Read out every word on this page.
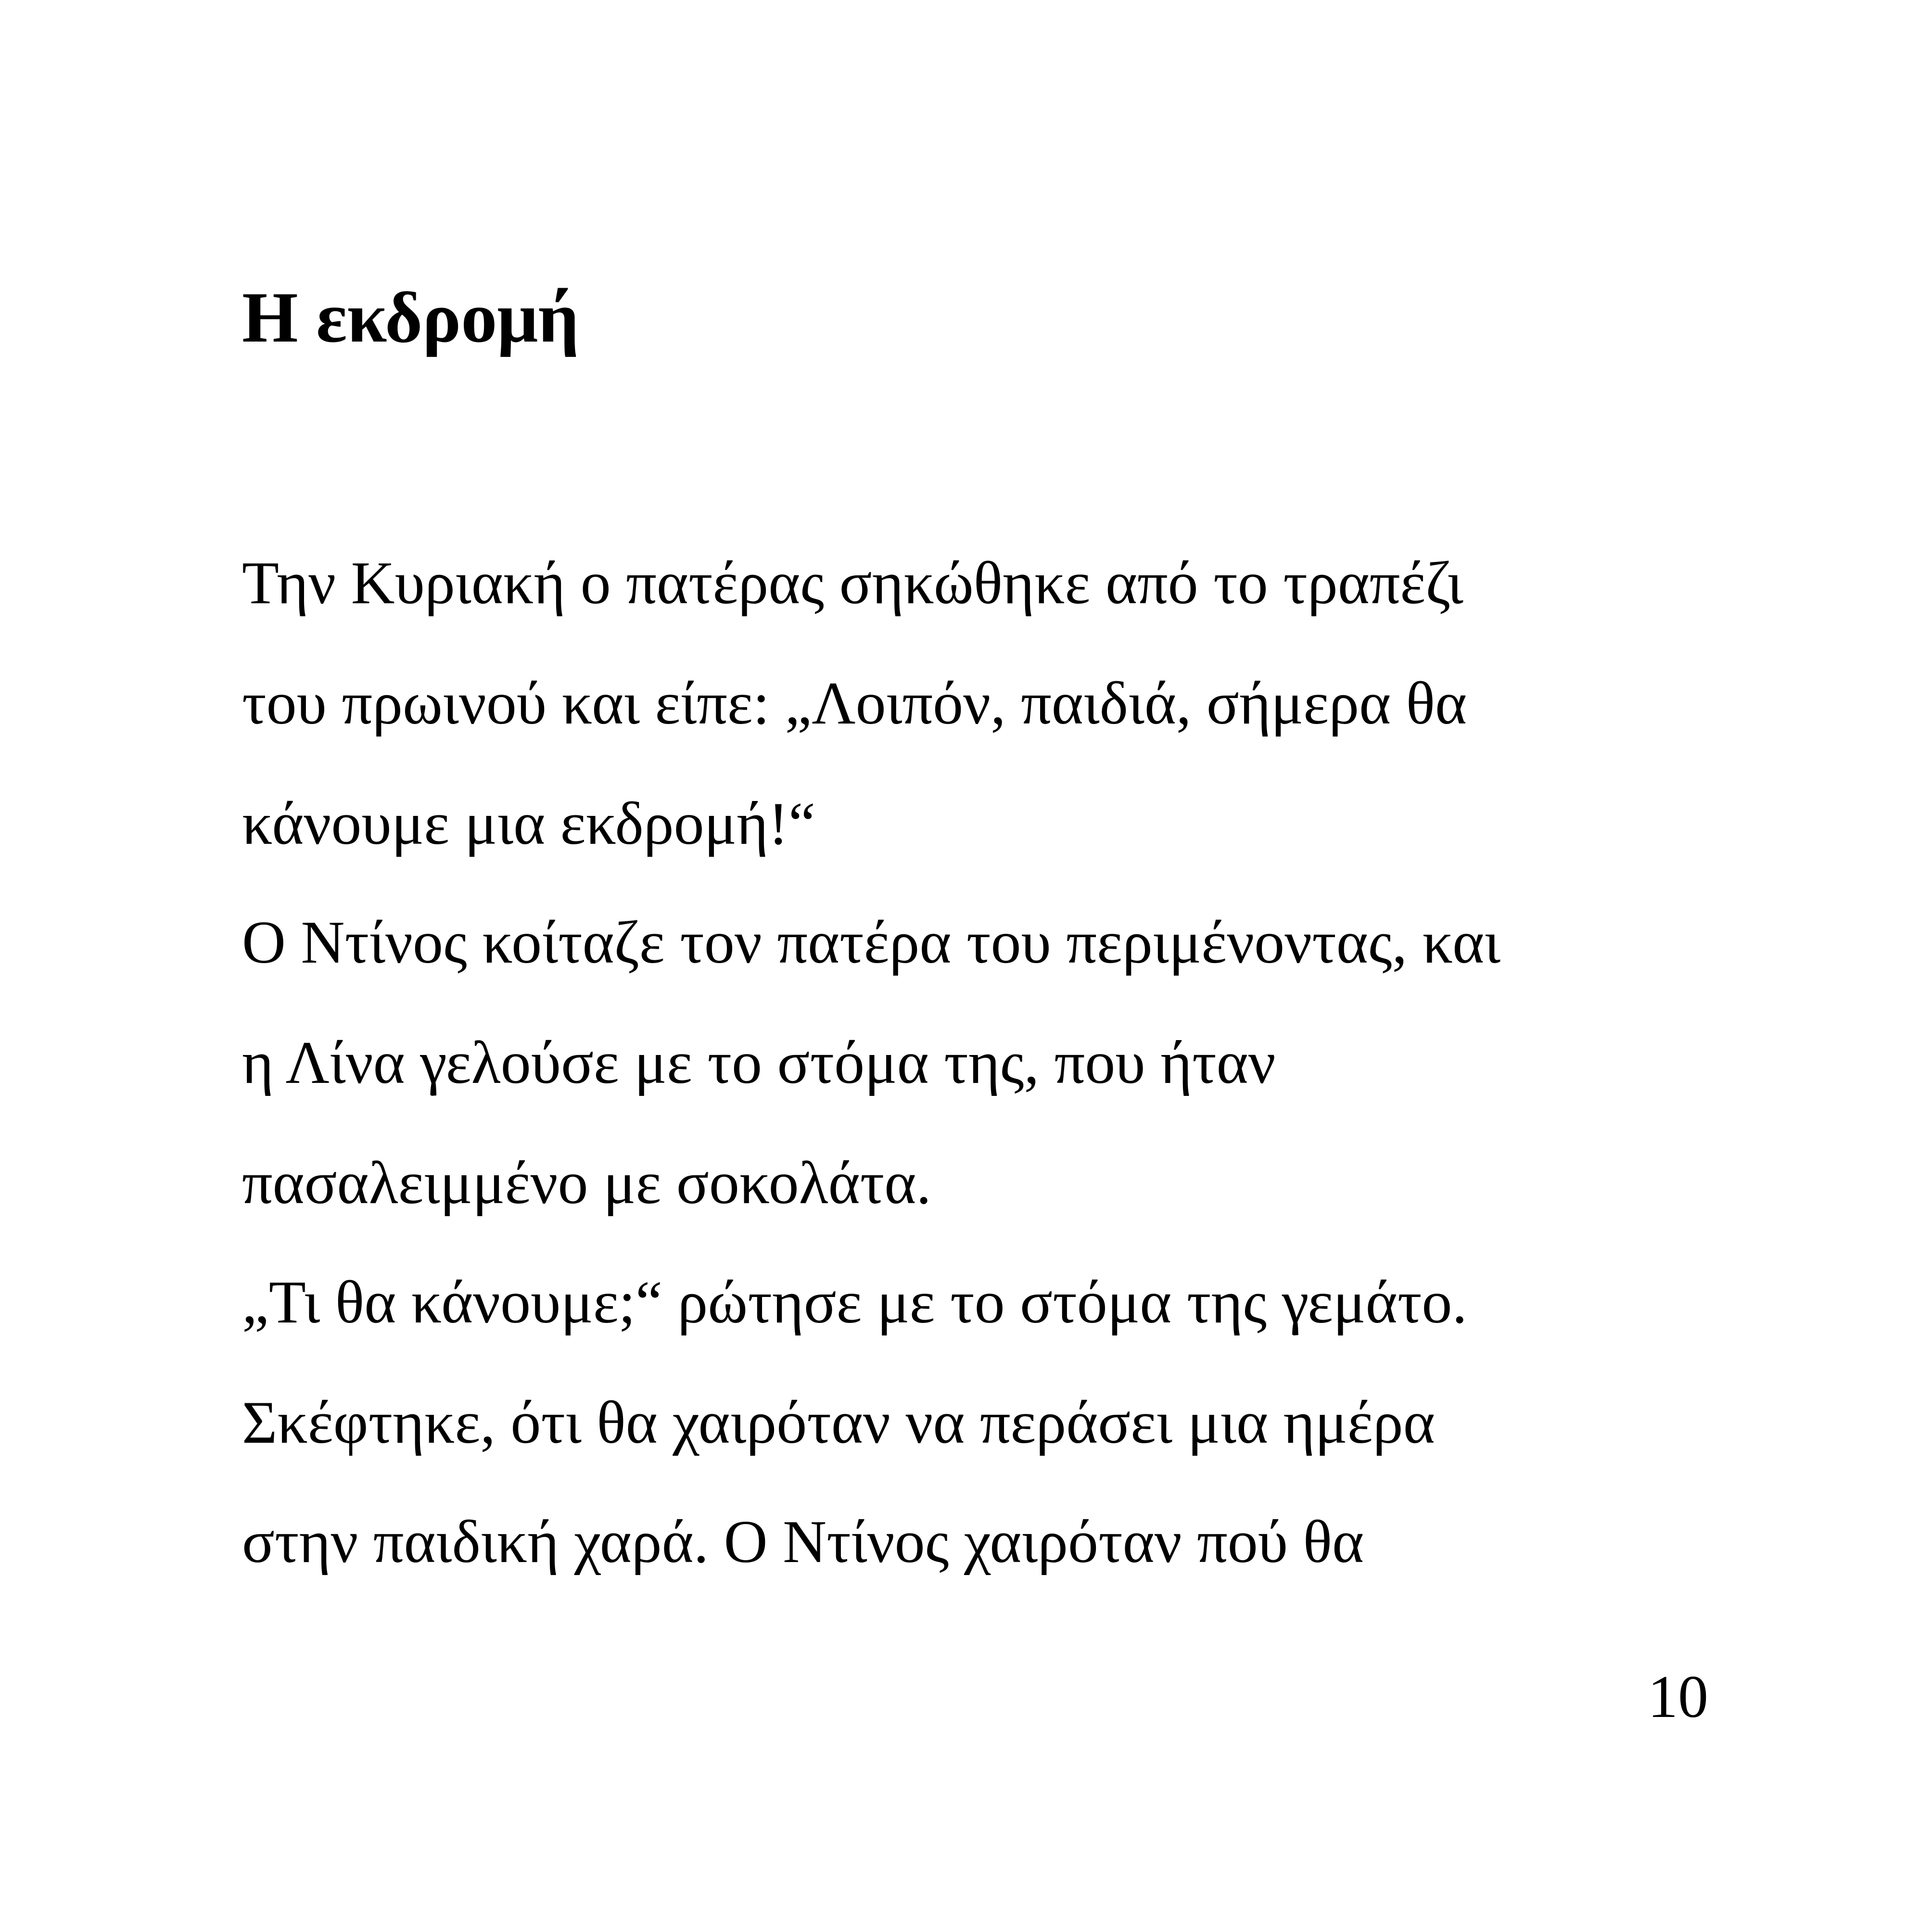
Η εκδρομή

Την Κυριακή ο πατέρας σηκώθηκε από το τραπέζι

του πρωινού και είπε: „Λοιπόν, παιδιά, σήμερα θα

κάνουμε μια εκδρομή!“

Ο Ντίνος κοίταζε τον πατέρα του περιμένοντας, και

η Λίνα γελούσε με το στόμα της, που ήταν

πασαλειμμένο με σοκολάτα.

„Τι θα κάνουμε;“ ρώτησε με το στόμα της γεμάτο.

Σκέφτηκε, ότι θα χαιρόταν να περάσει μια ημέρα

στην παιδική χαρά. Ο Ντίνος χαιρόταν πού θα

10
